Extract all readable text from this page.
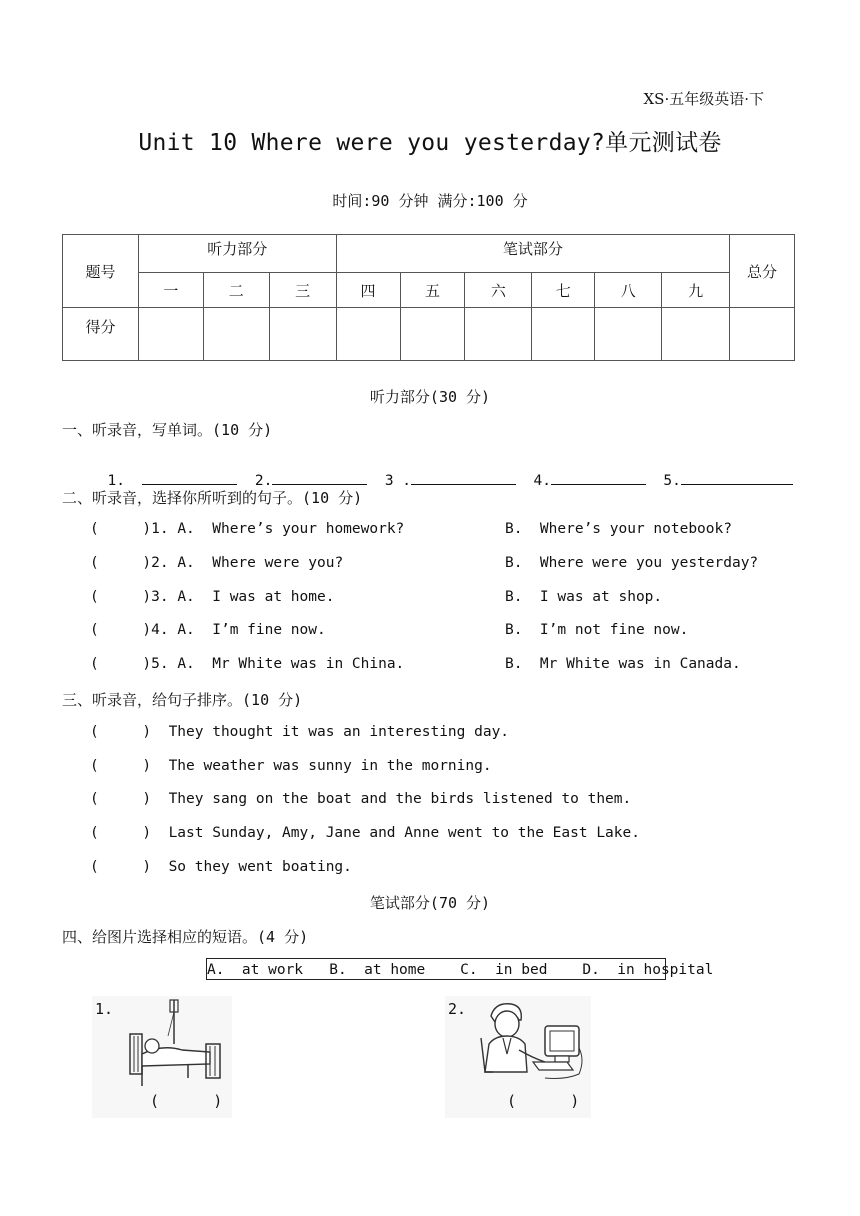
XS·五年级英语·下
Unit 10 Where were you yesterday?单元测试卷
时间:90 分钟 满分:100 分
题号	听力部分			笔试部分						总分
	一	二	三	四	五	六	七	八	九	
得分										
听力部分(30 分)
一、听录音，写单词。(10 分)

1.	2.	3 .	4.	5.

二、听录音，选择你所听到的句子。(10 分)
(     )1. A.  Where’s your homework?	B.  Where’s your notebook?
(     )2. A.  Where were you?	B.  Where were you yesterday?
(     )3. A.  I was at home.	B.  I was at shop.
(     )4. A.  I’m fine now.	B.  I’m not fine now.
(     )5. A.  Mr White was in China.	B.  Mr White was in Canada.
三、听录音，给句子排序。(10 分)
(     )  They thought it was an interesting day.
(     )  The weather was sunny in the morning.
(     )  They sang on the boat and the birds listened to them.
(     )  Last Sunday, Amy, Jane and Anne went to the East Lake.
(     )  So they went boating.
笔试部分(70 分)
四、给图片选择相应的短语。(4 分)
A.  at work   B.  at home    C.  in bed    D.  in hospital
1.
(      )
2.
(      )
